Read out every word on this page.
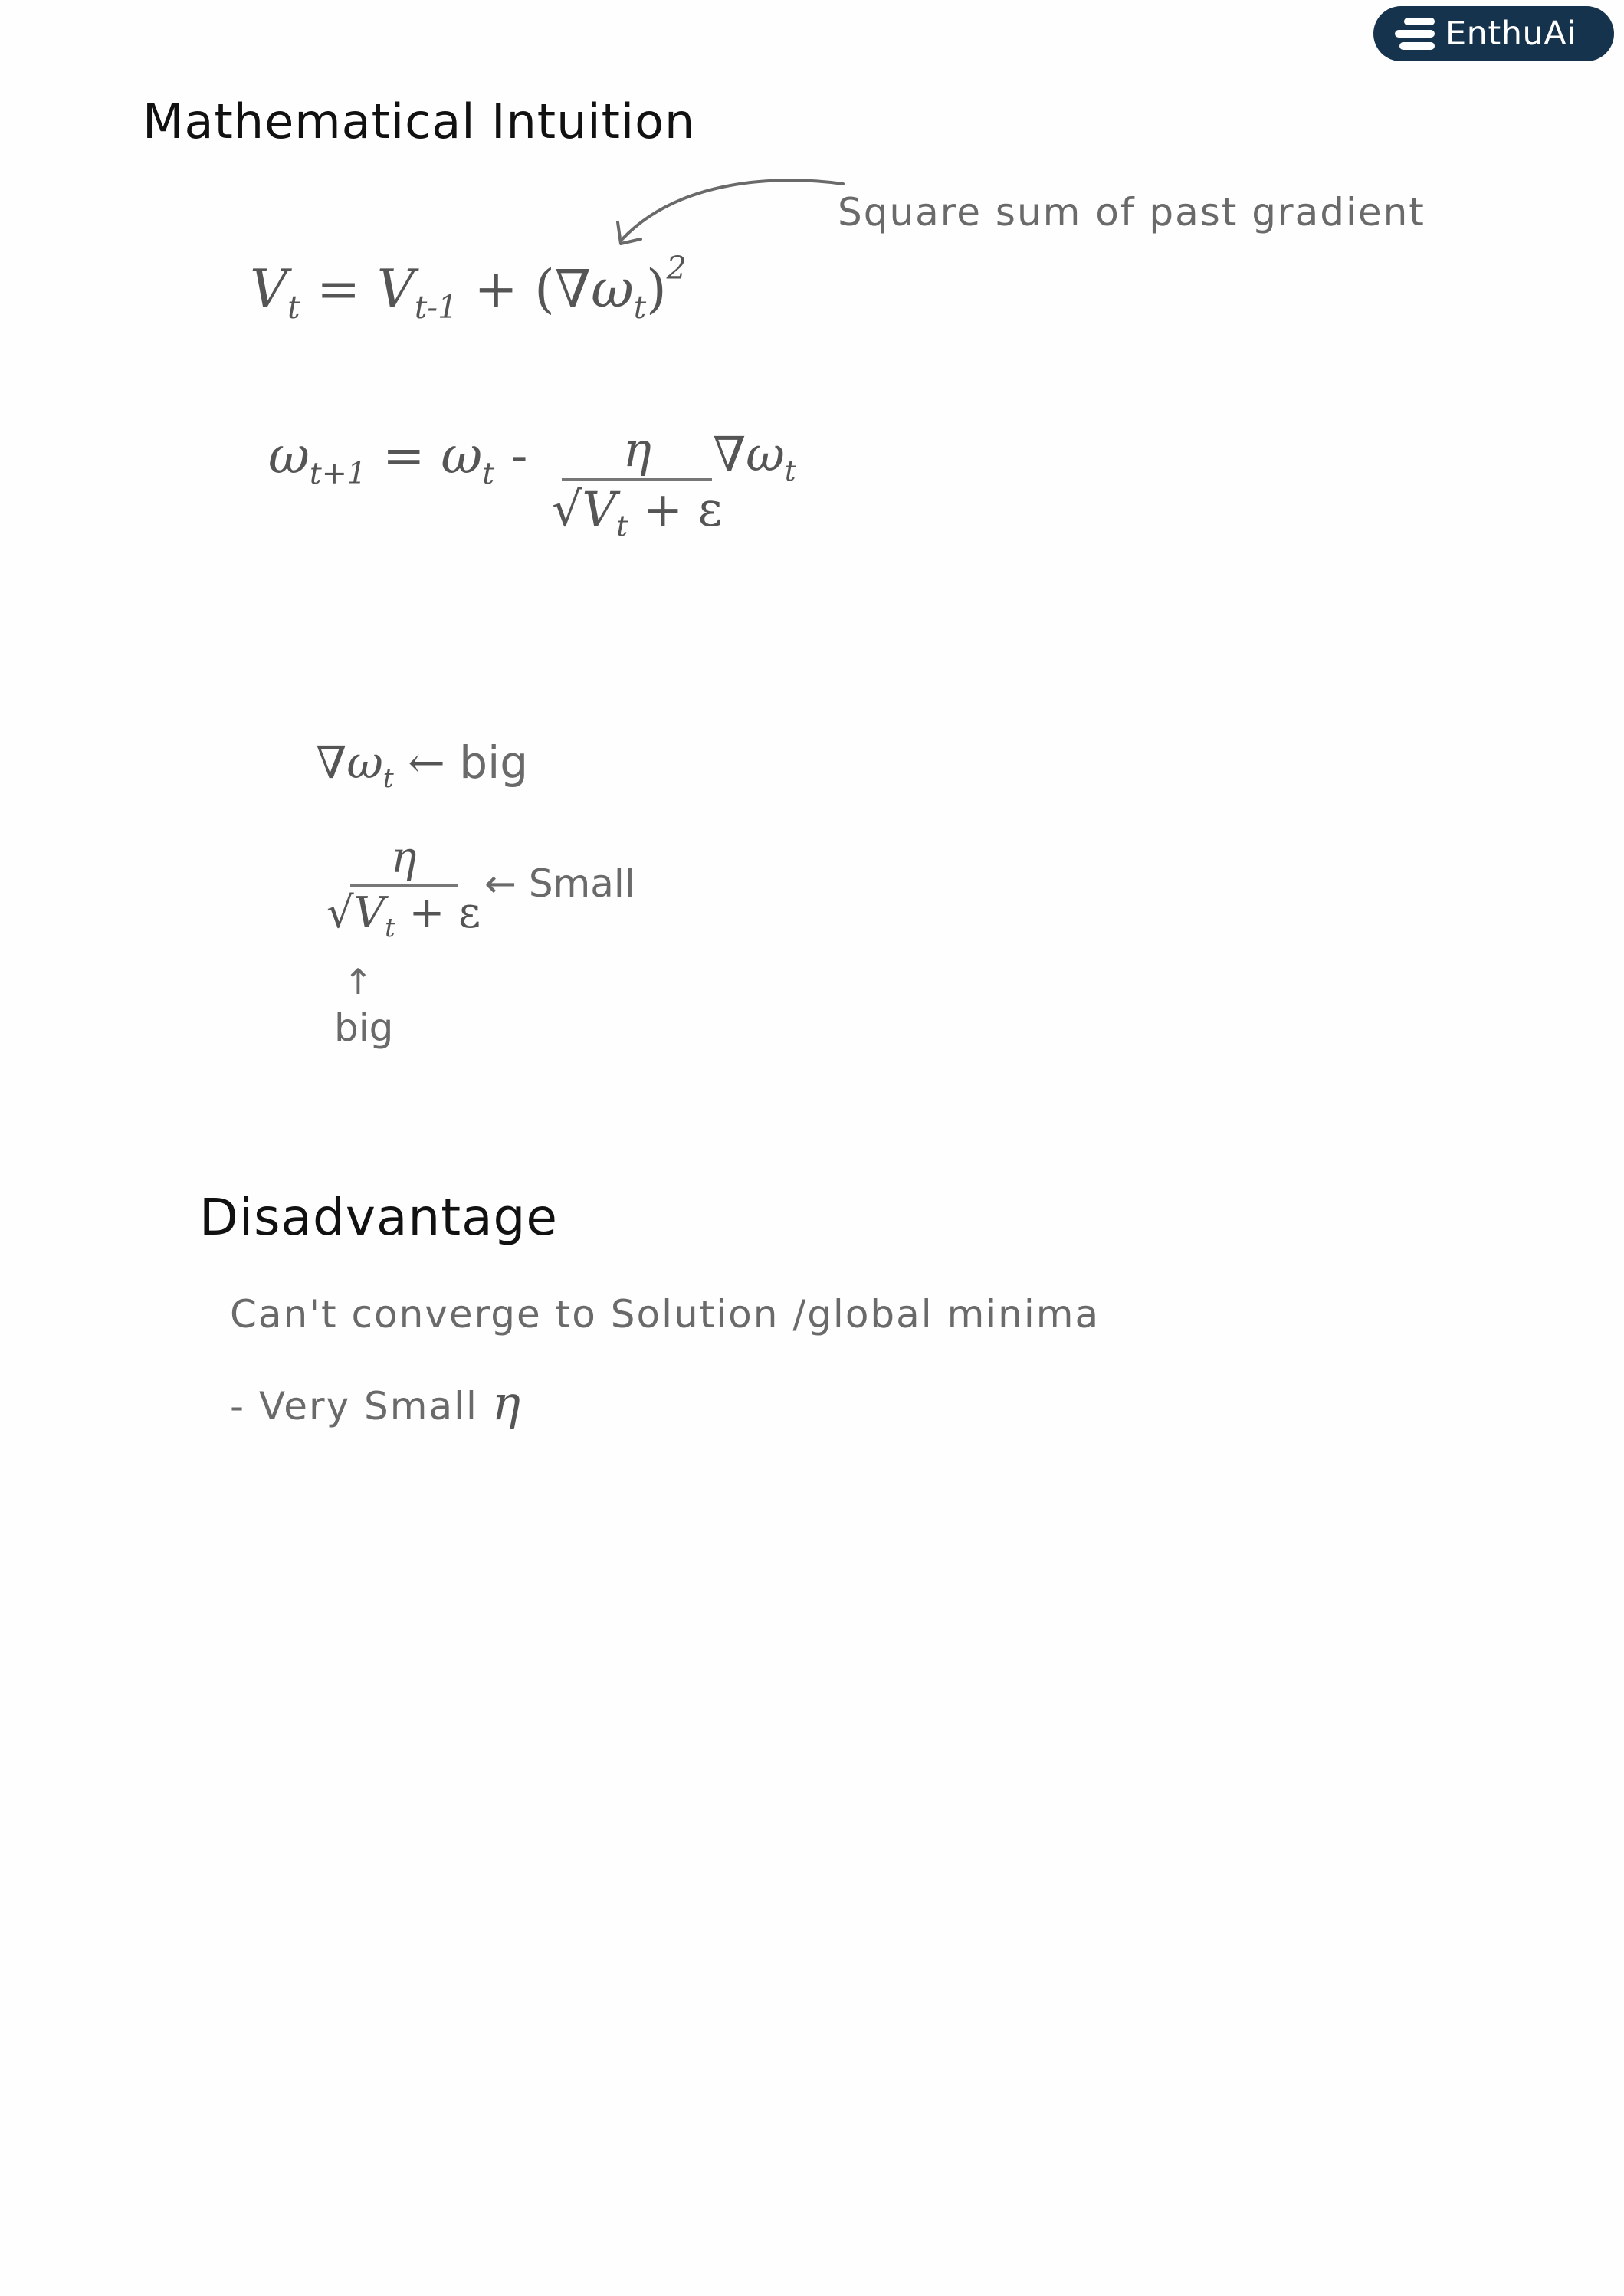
EnthuAi
Mathematical Intuition
Square sum of past gradient
$V_t = V_{t-1} + (\nabla\omega_t)^2$
$\omega_{t+1} = \omega_t - \eta$
$√V_t + \varepsilon$
$\nabla\omega_t$
$\nabla\omega_t$ ← big
η
$√V_t + \varepsilon$
← Small
↑
big
Disadvantage
Can't converge to Solution /global minima
- Very Small η
